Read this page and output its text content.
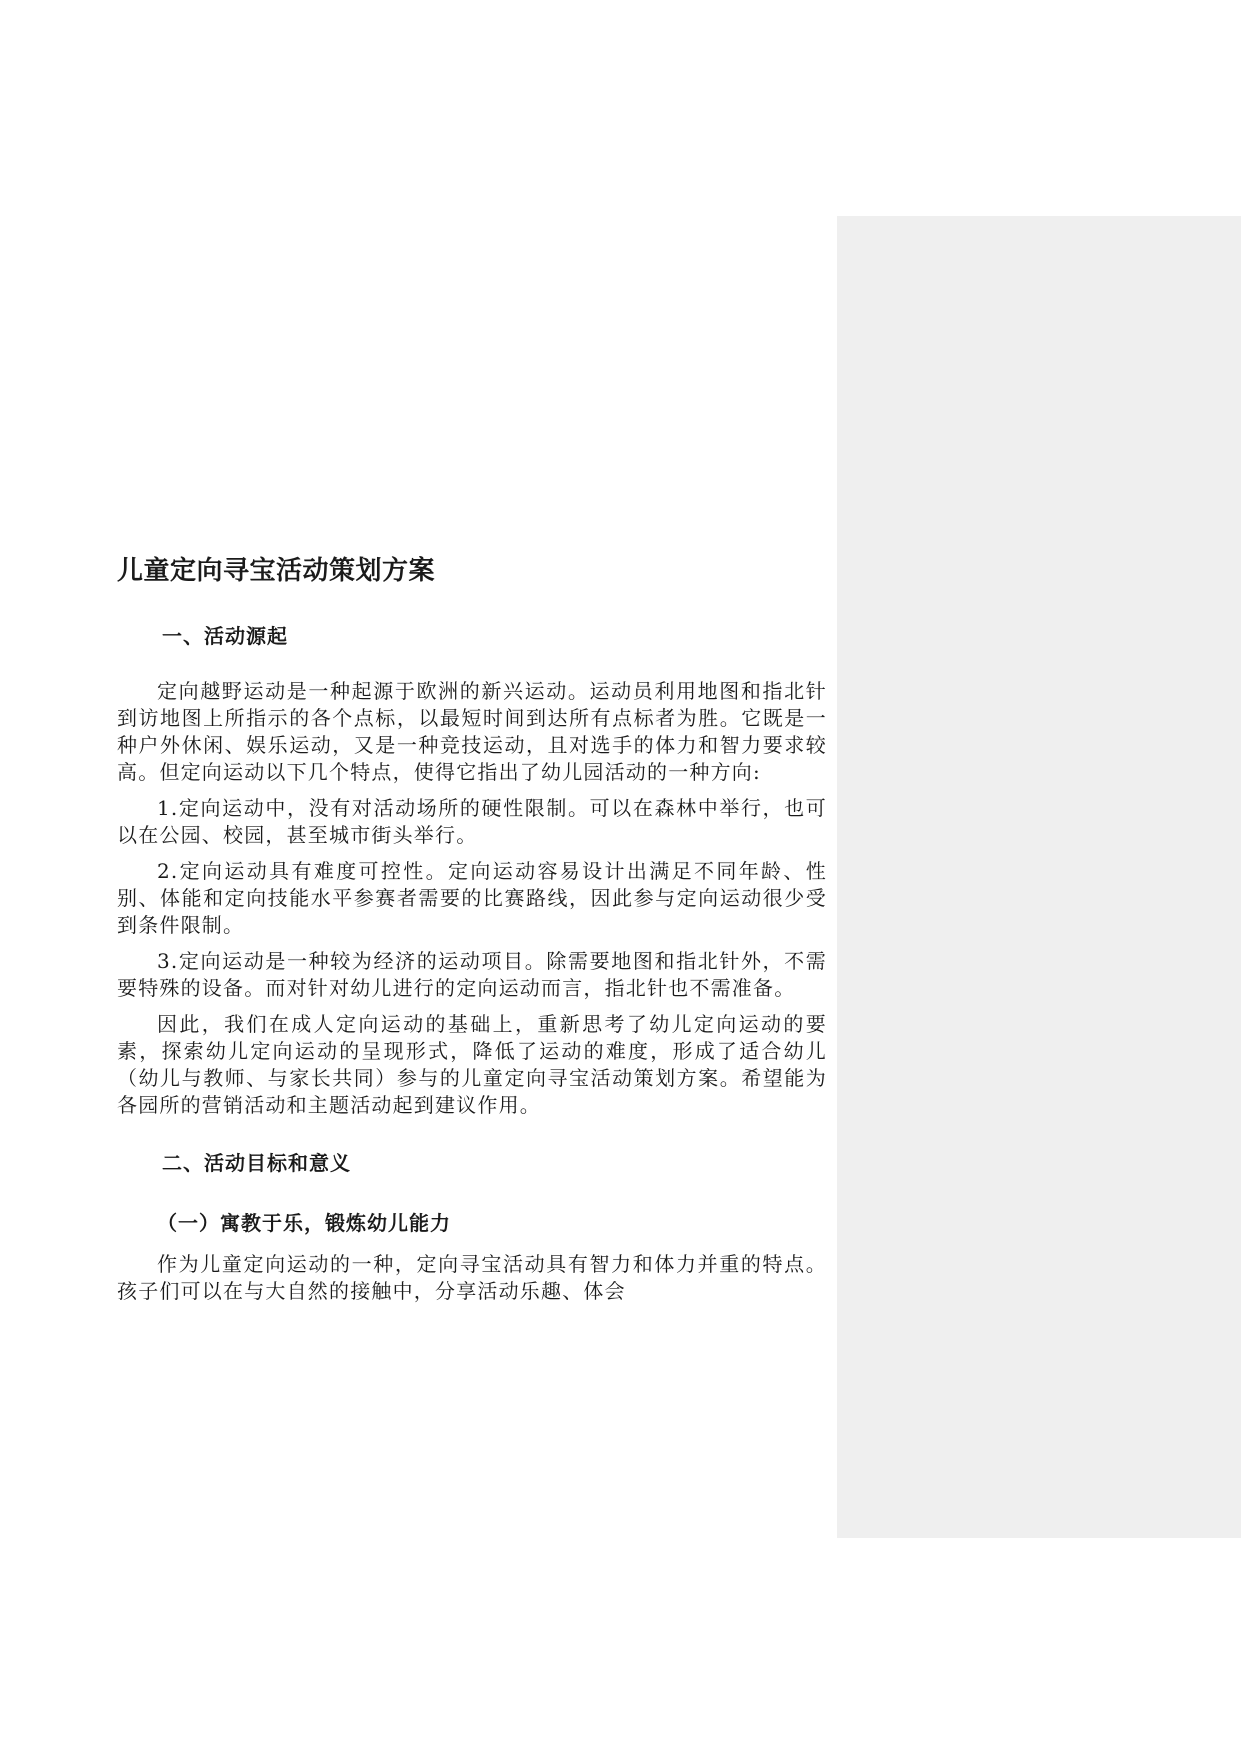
儿童定向寻宝活动策划方案
一、活动源起

定向越野运动是一种起源于欧洲的新兴运动。运动员利用地图和指北针到访地图上所指示的各个点标，以最短时间到达所有点标者为胜。它既是一种户外休闲、娱乐运动，又是一种竞技运动，且对选手的体力和智力要求较高。但定向运动以下几个特点，使得它指出了幼儿园活动的一种方向:

1.定向运动中，没有对活动场所的硬性限制。可以在森林中举行，也可以在公园、校园，甚至城市街头举行。

2.定向运动具有难度可控性。定向运动容易设计出满足不同年龄、性别、体能和定向技能水平参赛者需要的比赛路线，因此参与定向运动很少受到条件限制。

3.定向运动是一种较为经济的运动项目。除需要地图和指北针外，不需要特殊的设备。而对针对幼儿进行的定向运动而言，指北针也不需准备。

因此，我们在成人定向运动的基础上，重新思考了幼儿定向运动的要素，探索幼儿定向运动的呈现形式，降低了运动的难度，形成了适合幼儿（幼儿与教师、与家长共同）参与的儿童定向寻宝活动策划方案。希望能为各园所的营销活动和主题活动起到建议作用。

二、活动目标和意义
（一）寓教于乐，锻炼幼儿能力

作为儿童定向运动的一种，定向寻宝活动具有智力和体力并重的特点。孩子们可以在与大自然的接触中，分享活动乐趣、体会
